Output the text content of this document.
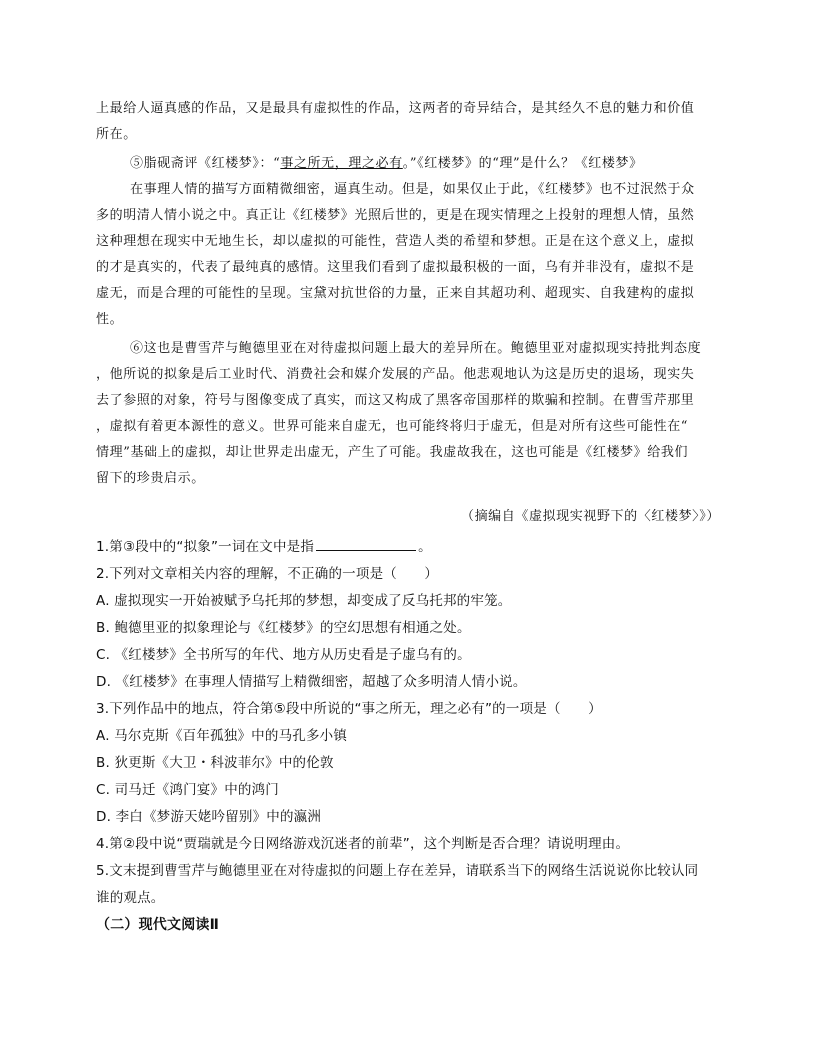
上最给人逼真感的作品，又是最具有虚拟性的作品，这两者的奇异结合，是其经久不息的魅力和价值
所在。
⑤脂砚斋评《红楼梦》：“事之所无，理之必有。”《红楼梦》的“理”是什么？《红楼梦》
在事理人情的描写方面精微细密，逼真生动。但是，如果仅止于此，《红楼梦》也不过泯然于众
多的明清人情小说之中。真正让《红楼梦》光照后世的，更是在现实情理之上投射的理想人情，虽然
这种理想在现实中无地生长，却以虚拟的可能性，营造人类的希望和梦想。正是在这个意义上，虚拟
的才是真实的，代表了最纯真的感情。这里我们看到了虚拟最积极的一面，乌有并非没有，虚拟不是
虚无，而是合理的可能性的呈现。宝黛对抗世俗的力量，正来自其超功利、超现实、自我建构的虚拟
性。
⑥这也是曹雪芹与鲍德里亚在对待虚拟问题上最大的差异所在。鲍德里亚对虚拟现实持批判态度
，他所说的拟象是后工业时代、消费社会和媒介发展的产品。他悲观地认为这是历史的退场，现实失
去了参照的对象，符号与图像变成了真实，而这又构成了黑客帝国那样的欺骗和控制。在曹雪芹那里
，虚拟有着更本源性的意义。世界可能来自虚无，也可能终将归于虚无，但是对所有这些可能性在“
情理”基础上的虚拟，却让世界走出虚无，产生了可能。我虚故我在，这也可能是《红楼梦》给我们
留下的珍贵启示。
（摘编自《虚拟现实视野下的〈红楼梦〉》）
1.第③段中的“拟象”一词在文中是指	。
2.下列对文章相关内容的理解，不正确的一项是（　　）
A. 虚拟现实一开始被赋予乌托邦的梦想，却变成了反乌托邦的牢笼。
B. 鲍德里亚的拟象理论与《红楼梦》的空幻思想有相通之处。
C. 《红楼梦》全书所写的年代、地方从历史看是子虚乌有的。
D. 《红楼梦》在事理人情描写上精微细密，超越了众多明清人情小说。
3.下列作品中的地点，符合第⑤段中所说的“事之所无，理之必有”的一项是（　　）
A. 马尔克斯《百年孤独》中的马孔多小镇
B. 狄更斯《大卫・科波菲尔》中的伦敦
C. 司马迁《鸿门宴》中的鸿门
D. 李白《梦游天姥吟留别》中的瀛洲
4.第②段中说“贾瑞就是今日网络游戏沉迷者的前辈”，这个判断是否合理？请说明理由。
5.文末提到曹雪芹与鲍德里亚在对待虚拟的问题上存在差异，请联系当下的网络生活说说你比较认同
谁的观点。
（二）现代文阅读Ⅱ
